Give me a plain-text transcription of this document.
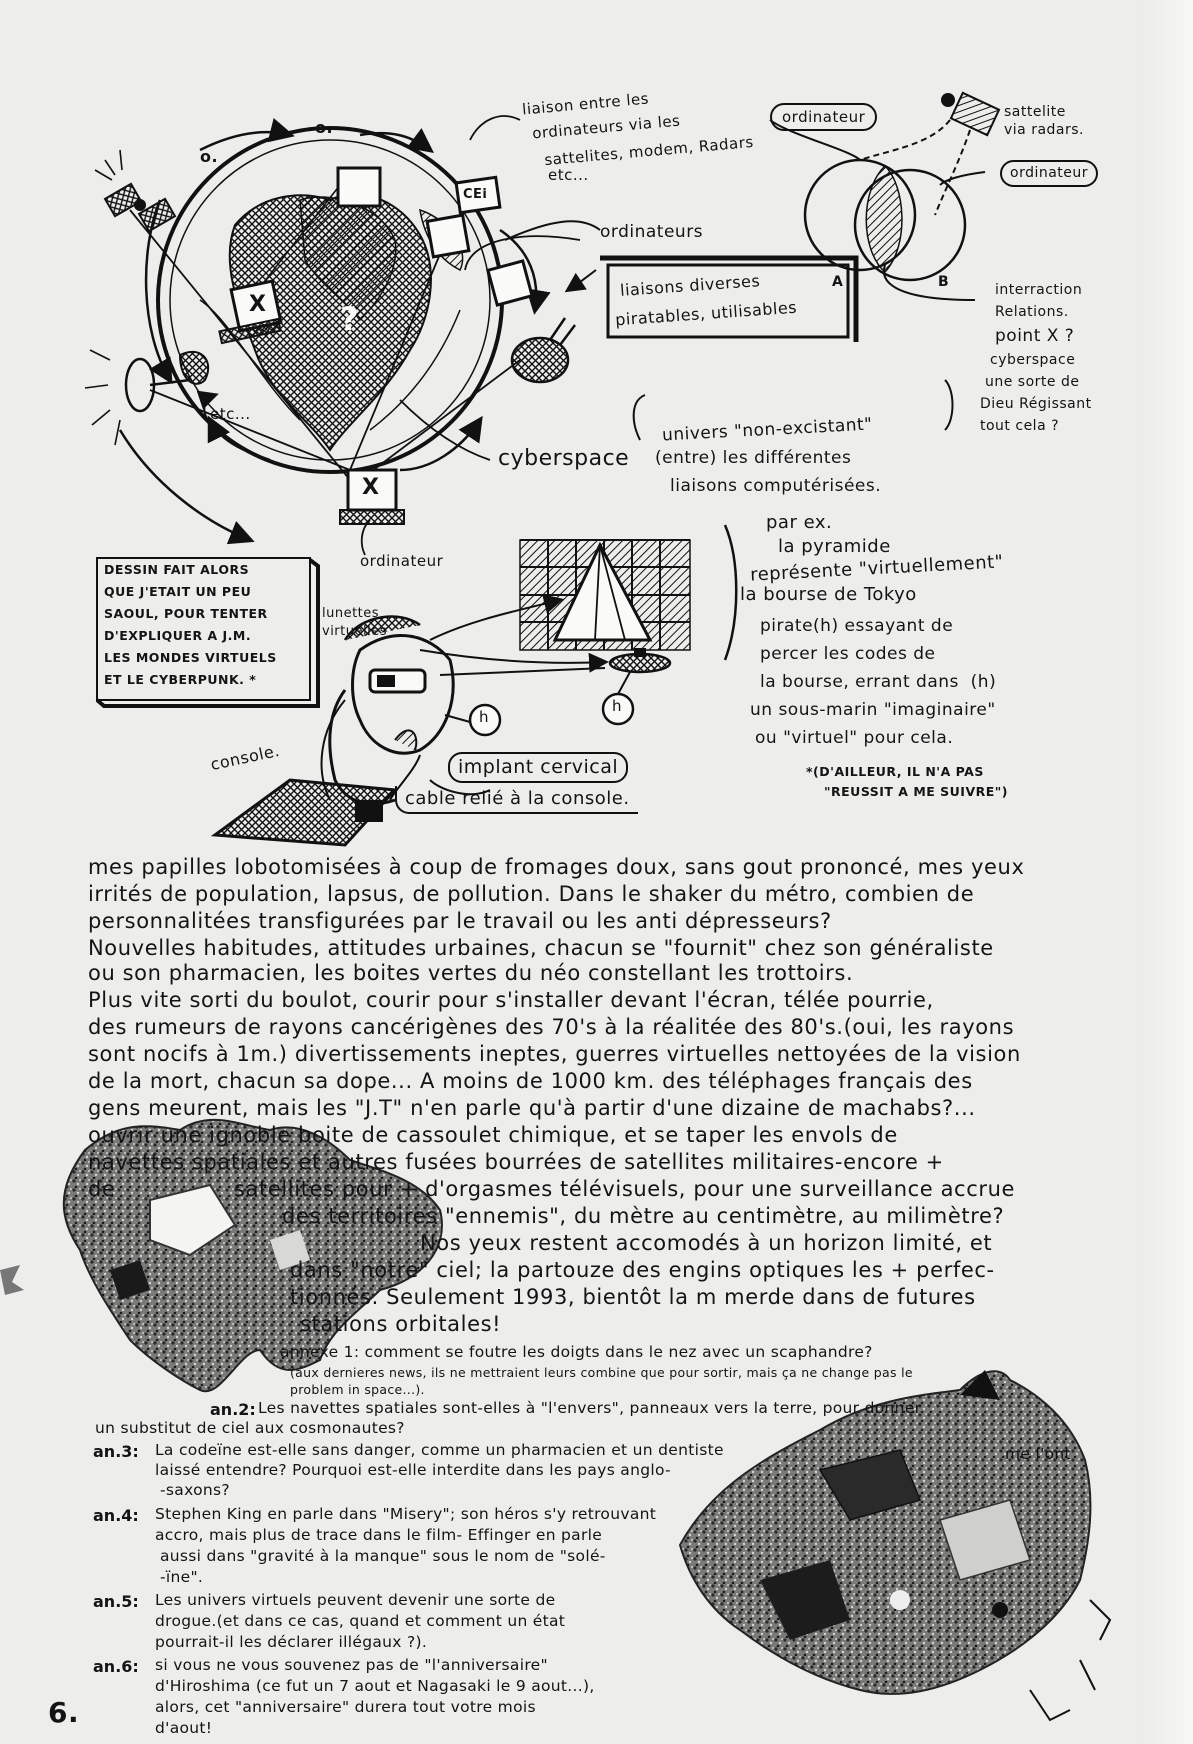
o.
o.
CEi
X
X
?
etc...
liaison entre les
ordinateurs via les
sattelites, modem, Radars
etc...
ordinateurs
liaisons diverses
piratables, utilisables
ordinateur
ordinateur
sattelite
via radars.
A	B	interraction
Relations.
point X ?
cyberspace
une sorte de
Dieu Régissant
tout cela ?
cyberspace
univers "non-excistant"
(entre) les différentes
liaisons computérisées.
ordinateur
DESSIN FAIT ALORS
QUE J'ETAIT UN PEU
SAOUL, POUR TENTER
D'EXPLIQUER A J.M.
LES MONDES VIRTUELS
ET LE CYBERPUNK. *
lunettes
virtuelles
console.
h
h
implant cervical
cable relié à la console.
par ex.
la pyramide
représente "virtuellement"
la bourse de Tokyo
pirate(h) essayant de
percer les codes de
la bourse, errant dans  (h)
un sous-marin "imaginaire"
ou "virtuel" pour cela.
*(D'AILLEUR, IL N'A PAS
"REUSSIT A ME SUIVRE")
mes papilles lobotomisées à coup de fromages doux, sans gout prononcé, mes yeux
irrités de population, lapsus, de pollution. Dans le shaker du métro, combien de
personnalitées transfigurées par le travail ou les anti dépresseurs?
Nouvelles habitudes, attitudes urbaines, chacun se "fournit" chez son généraliste
ou son pharmacien, les boites vertes du néo constellant les trottoirs.
Plus vite sorti du boulot, courir pour s'installer devant l'écran, télée pourrie,
des rumeurs de rayons cancérigènes des 70's à la réalitée des 80's.(oui, les rayons
sont nocifs à 1m.) divertissements ineptes, guerres virtuelles nettoyées de la vision
de la mort, chacun sa dope... A moins de 1000 km. des téléphages français des
gens meurent, mais les "J.T" n'en parle qu'à partir d'une dizaine de machabs?...
ouvrir une ignoble boite de cassoulet chimique, et se taper les envols de
navettes spatiales et autres fusées bourrées de satellites militaires-encore +
de	satellites pour + d'orgasmes télévisuels, pour une surveillance accrue
des territoires "ennemis", du mètre au centimètre, au milimètre?
Nos yeux restent accomodés à un horizon limité, et
dans "notre" ciel; la partouze des engins optiques les + perfec-
tionnés. Seulement 1993, bientôt la m merde dans de futures
stations orbitales!
annexe 1: comment se foutre les doigts dans le nez avec un scaphandre?
(aux dernieres news, ils ne mettraient leurs combine que pour sortir, mais ça ne change pas le
problem in space...).
an.2: Les navettes spatiales sont-elles à "l'envers", panneaux vers la terre, pour donner
un substitut de ciel aux cosmonautes?
an.3: La codeïne est-elle sans danger, comme un pharmacien et un dentiste	me l'ont
laissé entendre? Pourquoi est-elle interdite dans les pays anglo-
-saxons?
an.4: Stephen King en parle dans "Misery"; son héros s'y retrouvant
accro, mais plus de trace dans le film- Effinger en parle
aussi dans "gravité à la manque" sous le nom de "solé-
-ïne".
an.5: Les univers virtuels peuvent devenir une sorte de
drogue.(et dans ce cas, quand et comment un état
pourrait-il les déclarer illégaux ?).
an.6: si vous ne vous souvenez pas de "l'anniversaire"
d'Hiroshima (ce fut un 7 aout et Nagasaki le 9 aout...),
alors, cet "anniversaire" durera tout votre mois
d'aout!
6.
